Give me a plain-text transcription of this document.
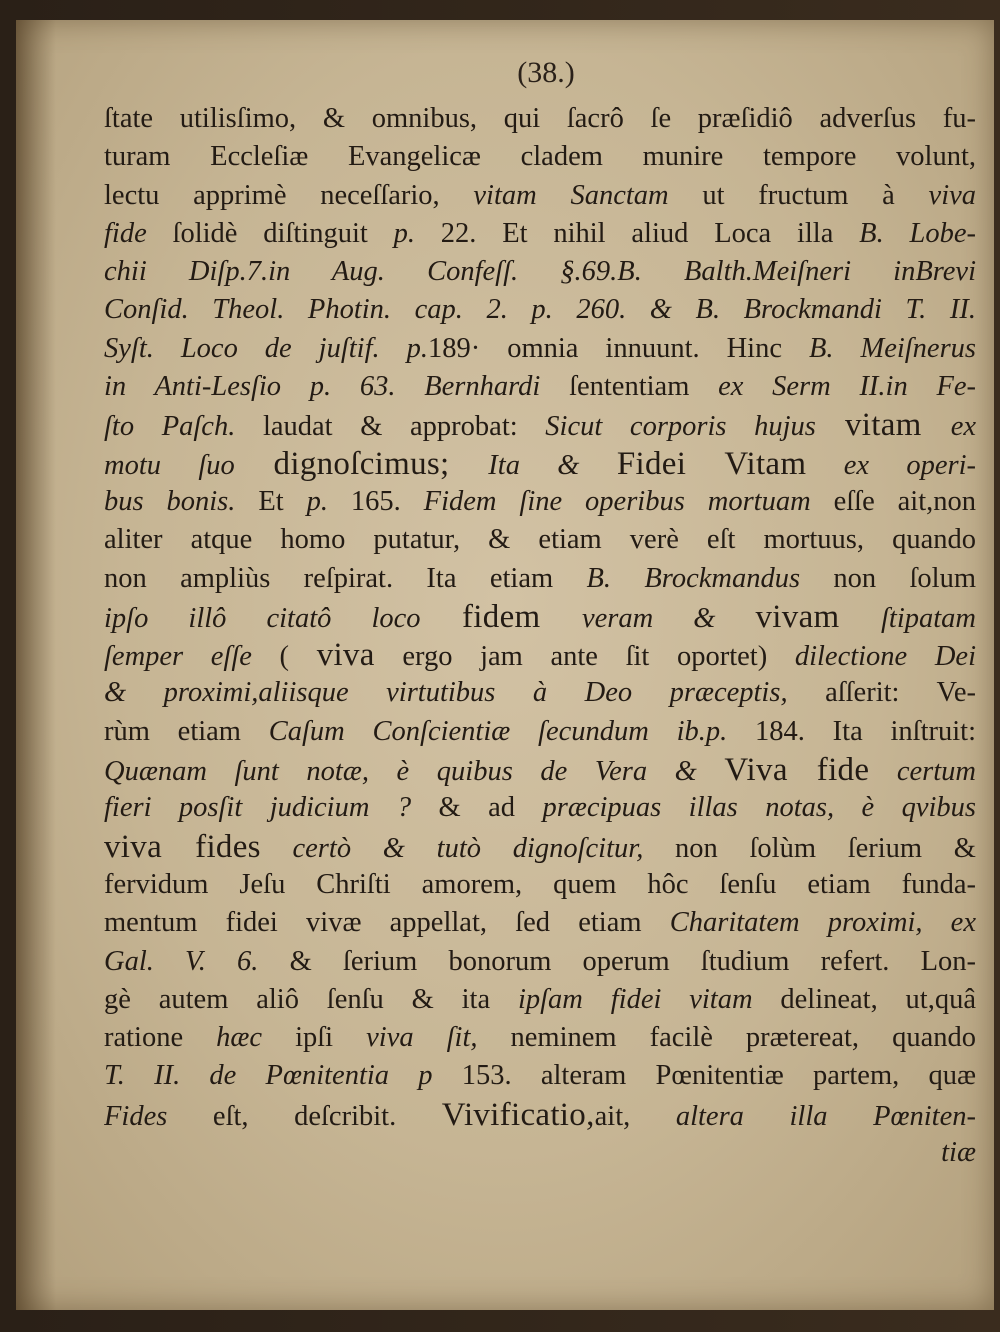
(38.)
ſtate utilisſimo, & omnibus, qui ſacrô ſe præſidiô adverſus fu-
turam Eccleſiæ Evangelicæ cladem munire tempore volunt,
lectu apprimè neceſſario, vitam Sanctam ut fructum à viva
fide ſolidè diſtinguit p. 22. Et nihil aliud Loca illa B. Lobe-
chii Diſp.7.in Aug. Confeſſ. §.69.B. Balth.Meiſneri inBrevi
Conſid. Theol. Photin. cap. 2. p. 260. & B. Brockmandi T. II.
Syſt. Loco de juſtif. p.189· omnia innuunt. Hinc B. Meiſnerus
in Anti-Lesſio p. 63. Bernhardi ſententiam ex Serm II.in Fe-
ſto Paſch. laudat & approbat: Sicut corporis hujus vitam ex
motu ſuo dignoſcimus; Ita & Fidei Vitam ex operi-
bus bonis. Et p. 165. Fidem ſine operibus mortuam eſſe ait,non
aliter atque homo putatur, & etiam verè eſt mortuus, quando
non ampliùs reſpirat. Ita etiam B. Brockmandus non ſolum
ipſo illô citatô loco fidem veram & vivam ſtipatam
ſemper eſſe ( viva ergo jam ante ſit oportet) dilectione Dei
& proximi,aliisque virtutibus à Deo præceptis, aſſerit: Ve-
rùm etiam Caſum Conſcientiæ ſecundum ib.p. 184. Ita inſtruit:
Quænam ſunt notæ, è quibus de Vera & Viva fide certum
fieri posſit judicium ? & ad præcipuas illas notas, è qvibus
viva fides certò & tutò dignoſcitur, non ſolùm ſerium &
fervidum Jeſu Chriſti amorem, quem hôc ſenſu etiam funda-
mentum fidei vivæ appellat, ſed etiam Charitatem proximi, ex
Gal. V. 6. & ſerium bonorum operum ſtudium refert. Lon-
gè autem aliô ſenſu & ita ipſam fidei vitam delineat, ut,quâ
ratione hæc ipſi viva ſit, neminem facilè prætereat, quando
T. II. de Pœnitentia p 153. alteram Pœnitentiæ partem, quæ
Fides eſt, deſcribit. Vivificatio,ait, altera illa Pœniten-
tiæ
